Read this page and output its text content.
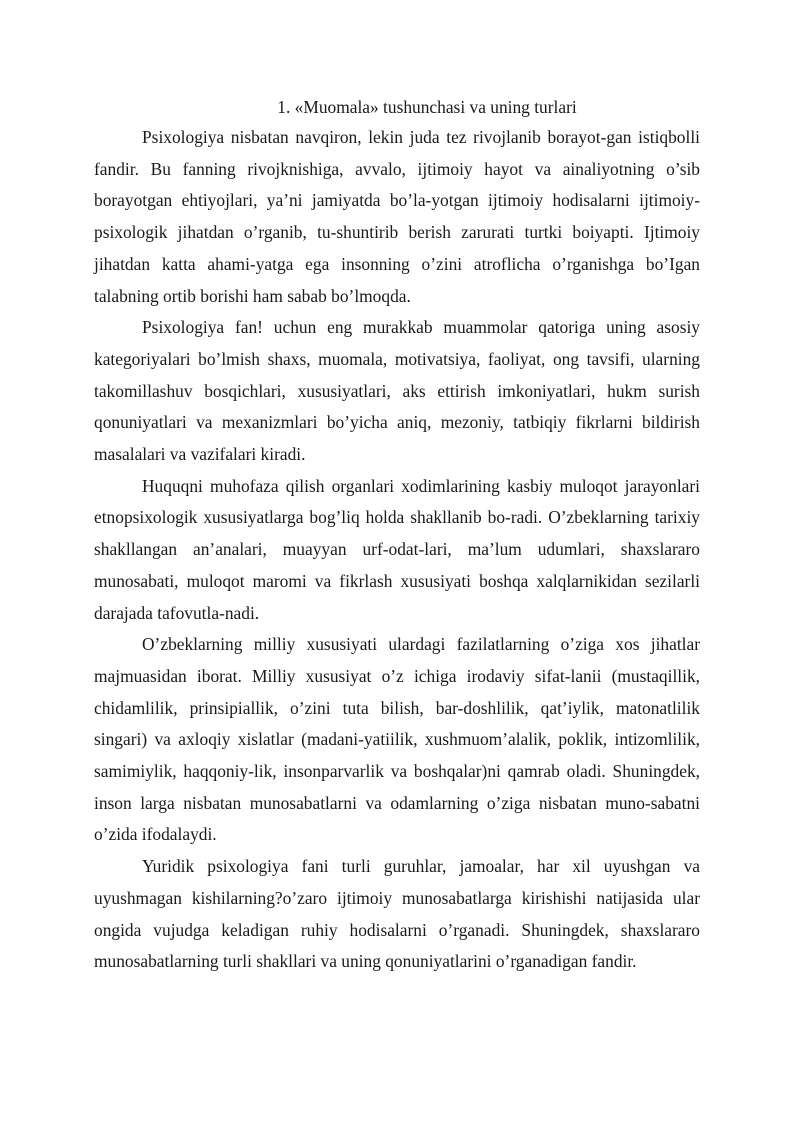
1. «Muomala» tushunchasi va uning turlari

Psixologiya nisbatan navqiron, lekin juda tez rivojlanib borayot-gan istiqbolli fandir. Bu fanning rivojknishiga, avvalo, ijtimoiy hayot va ainaliyotning o’sib borayotgan ehtiyojlari, ya’ni jamiyatda bo’la-yotgan ijtimoiy hodisalarni ijtimoiy-psixologik jihatdan o’rganib, tu-shuntirib berish zarurati turtki boiyapti. Ijtimoiy jihatdan katta ahami-yatga ega insonning o’zini atroflicha o’rganishga bo’Igan talabning ortib borishi ham sabab bo’lmoqda.

Psixologiya fan! uchun eng murakkab muammolar qatoriga uning asosiy kategoriyalari bo’lmish shaxs, muomala, motivatsiya, faoliyat, ong tavsifi, ularning takomillashuv bosqichlari, xususiyatlari, aks ettirish imkoniyatlari, hukm surish qonuniyatlari va mexanizmlari bo’yicha aniq, mezoniy, tatbiqiy fikrlarni bildirish masalalari va vazifalari kiradi.

Huquqni muhofaza qilish organlari xodimlarining kasbiy muloqot jarayonlari etnopsixologik xususiyatlarga bog’liq holda shakllanib bo-radi. O’zbeklarning tarixiy shakllangan an’analari, muayyan urf-odat-lari, ma’lum udumlari, shaxslararo munosabati, muloqot maromi va fikrlash xususiyati boshqa xalqlarnikidan sezilarli darajada tafovutla-nadi.

O’zbeklarning milliy xususiyati ulardagi fazilatlarning o’ziga xos jihatlar majmuasidan iborat. Milliy xususiyat o’z ichiga irodaviy sifat-lanii (mustaqillik, chidamlilik, prinsipiallik, o’zini tuta bilish, bar-doshlilik, qat’iylik, matonatlilik singari) va axloqiy xislatlar (madani-yatiilik, xushmuom’alalik, poklik, intizomlilik, samimiylik, haqqoniy-lik, insonparvarlik va boshqalar)ni qamrab oladi. Shuningdek, inson larga nisbatan munosabatlarni va odamlarning o’ziga nisbatan muno-sabatni o’zida ifodalaydi.

Yuridik psixologiya fani turli guruhlar, jamoalar, har xil uyushgan va uyushmagan kishilarning?o’zaro ijtimoiy munosabatlarga kirishishi natijasida ular ongida vujudga keladigan ruhiy hodisalarni o’rganadi. Shuningdek, shaxslararo munosabatlarning turli shakllari va uning qonuniyatlarini o’rganadigan fandir.
